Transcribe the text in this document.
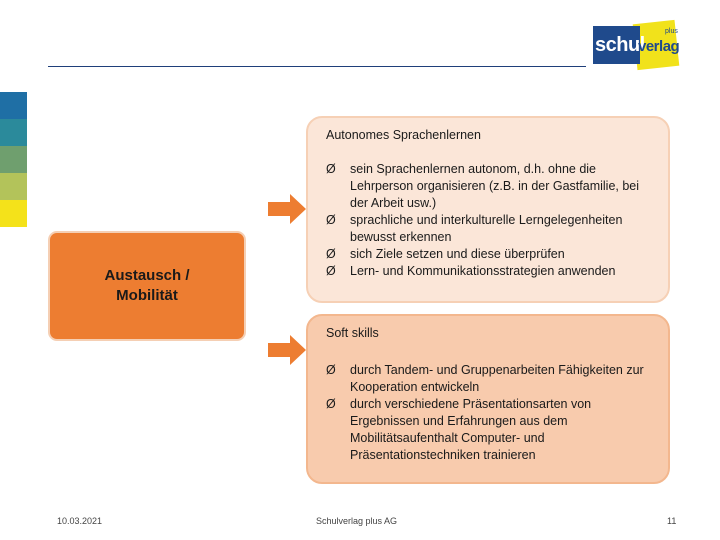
schul
plus
verlag
Austausch /
Mobilität
Autonomes Sprachenlernen
Ø sein Sprachenlernen autonom, d.h. ohne die Lehrperson organisieren (z.B. in der Gastfamilie, bei der Arbeit usw.)
Ø sprachliche und interkulturelle Lerngelegenheiten bewusst erkennen
Ø sich Ziele setzen und diese überprüfen
Ø Lern- und Kommunikationsstrategien anwenden
Soft skills
Ø durch Tandem- und Gruppenarbeiten Fähigkeiten zur Kooperation entwickeln
Ø durch verschiedene Präsentationsarten von Ergebnissen und Erfahrungen aus dem Mobilitätsaufenthalt Computer- und Präsentationstechniken trainieren
10.03.2021	Schulverlag plus AG	11
